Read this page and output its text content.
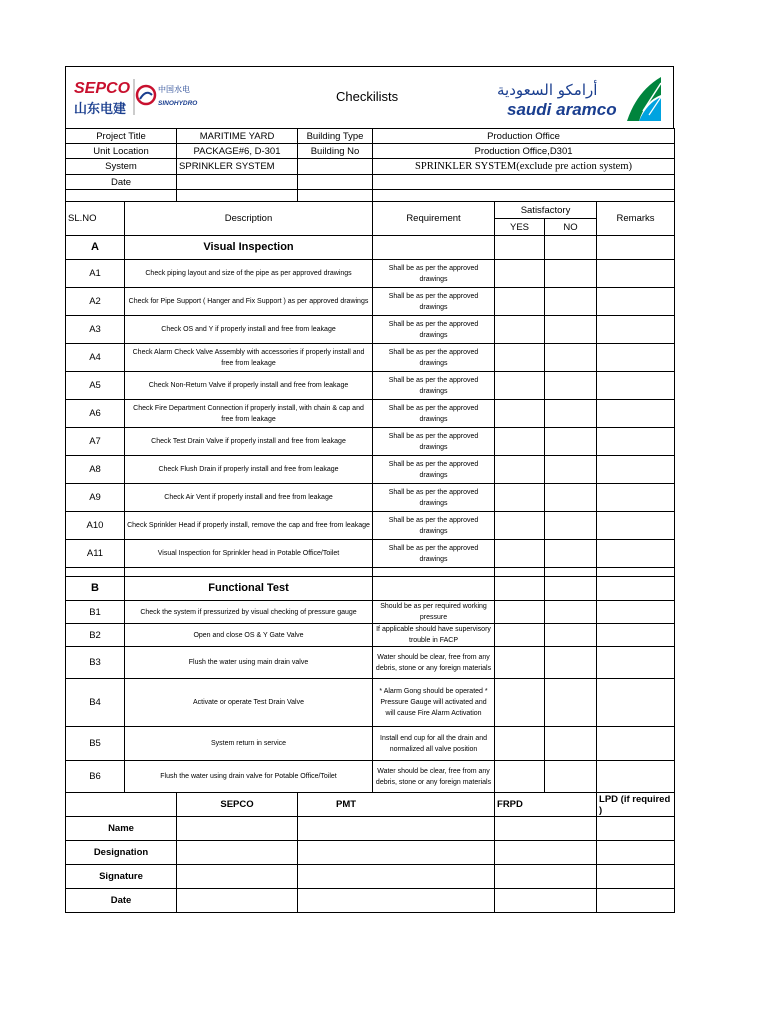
SEPCO
山东电建
中国水电
SINOHYDRO	Checkilists	أرامكو السعودية
saudi aramco
Project Title		MARITIME YARD	Building Type	Production Office				
Unit Location		PACKAGE#6, D-301	Building No	Production Office,D301				
System		SPRINKLER SYSTEM		SPRINKLER SYSTEM(exclude pre action system)				
Date								

SL.NO	Description			Requirement	Satisfactory		Remarks	
					YES	NO		
A	Visual Inspection							
A1	Check piping layout and size of the pipe as per approved drawings			Shall be as per the approved drawings				
A2	Check for Pipe Support ( Hanger and Fix Support ) as per approved drawings			Shall be as per the approved drawings				
A3	Check OS and Y if properly install and free from leakage			Shall be as per the approved drawings				
A4	Check Alarm Check Valve Assembly with accessories if properly install and free from leakage			Shall be as per the approved drawings				
A5	Check Non-Return Valve if properly install and free from leakage			Shall be as per the approved drawings				
A6	Check Fire Department Connection if properly install, with chain & cap and free from leakage			Shall be as per the approved drawings				
A7	Check Test Drain Valve if properly install and free from leakage			Shall be as per the approved drawings				
A8	Check Flush Drain if properly install and free from leakage			Shall be as per the approved drawings				
A9	Check Air Vent if properly install and free from leakage			Shall be as per the approved drawings				
A10	Check Sprinkler Head if properly install, remove the cap and free from leakage			Shall be as per the approved drawings				
A11	Visual Inspection for Sprinkler head in Potable Office/Toilet			Shall be as per the approved drawings				

B	Functional Test							
B1	Check the system if pressurized by visual checking of pressure gauge			Should be as per required working pressure				
B2	Open and close OS & Y Gate Valve			If applicable should have supervisory trouble in FACP				
B3	Flush the water using main drain valve			Water should be clear, free from any debris, stone or any foreign materials				
B4	Activate or operate Test Drain Valve			* Alarm Gong should be operated * Pressure Gauge will activated and will cause Fire Alarm Activation				
B5	System return in service			Install end cup for all the drain and normalized all valve position				
B6	Flush the water using drain valve for Potable Office/Toilet			Water should be clear, free from any debris, stone or any foreign materials				
		SEPCO	PMT		FRPD		LPD (if required )	
Name								
Designation								
Signature								
Date								
